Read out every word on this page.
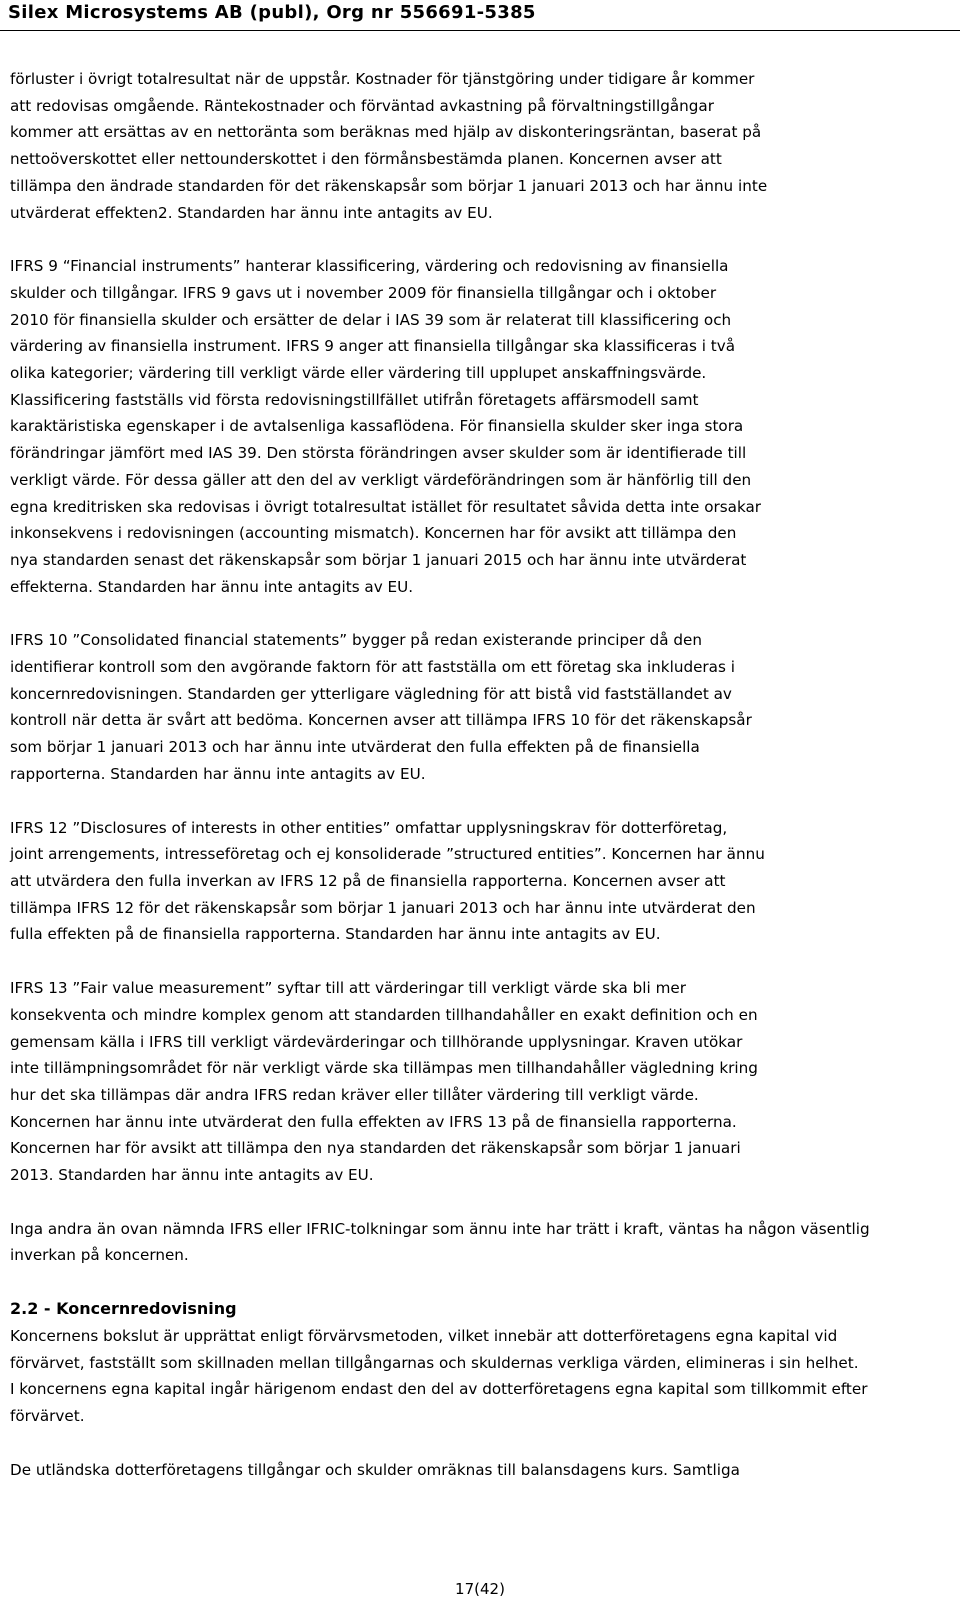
Silex Microsystems AB (publ), Org nr 556691-5385

förluster i övrigt totalresultat när de uppstår. Kostnader för tjänstgöring under tidigare år kommer
att redovisas omgående. Räntekostnader och förväntad avkastning på förvaltningstillgångar
kommer att ersättas av en nettoränta som beräknas med hjälp av diskonteringsräntan, baserat på
nettoöverskottet eller nettounderskottet i den förmånsbestämda planen. Koncernen avser att
tillämpa den ändrade standarden för det räkenskapsår som börjar 1 januari 2013 och har ännu inte
utvärderat effekten2. Standarden har ännu inte antagits av EU.

IFRS 9 “Financial instruments” hanterar klassificering, värdering och redovisning av finansiella
skulder och tillgångar. IFRS 9 gavs ut i november 2009 för finansiella tillgångar och i oktober
2010 för finansiella skulder och ersätter de delar i IAS 39 som är relaterat till klassificering och
värdering av finansiella instrument. IFRS 9 anger att finansiella tillgångar ska klassificeras i två
olika kategorier; värdering till verkligt värde eller värdering till upplupet anskaffningsvärde.
Klassificering fastställs vid första redovisningstillfället utifrån företagets affärsmodell samt
karaktäristiska egenskaper i de avtalsenliga kassaflödena. För finansiella skulder sker inga stora
förändringar jämfört med IAS 39. Den största förändringen avser skulder som är identifierade till
verkligt värde. För dessa gäller att den del av verkligt värdeförändringen som är hänförlig till den
egna kreditrisken ska redovisas i övrigt totalresultat istället för resultatet såvida detta inte orsakar
inkonsekvens i redovisningen (accounting mismatch). Koncernen har för avsikt att tillämpa den
nya standarden senast det räkenskapsår som börjar 1 januari 2015 och har ännu inte utvärderat
effekterna. Standarden har ännu inte antagits av EU.

IFRS 10 ”Consolidated financial statements” bygger på redan existerande principer då den
identifierar kontroll som den avgörande faktorn för att fastställa om ett företag ska inkluderas i
koncernredovisningen. Standarden ger ytterligare vägledning för att bistå vid fastställandet av
kontroll när detta är svårt att bedöma. Koncernen avser att tillämpa IFRS 10 för det räkenskapsår
som börjar 1 januari 2013 och har ännu inte utvärderat den fulla effekten på de finansiella
rapporterna. Standarden har ännu inte antagits av EU.

IFRS 12 ”Disclosures of interests in other entities” omfattar upplysningskrav för dotterföretag,
joint arrengements, intresseföretag och ej konsoliderade ”structured entities”. Koncernen har ännu
att utvärdera den fulla inverkan av IFRS 12 på de finansiella rapporterna. Koncernen avser att
tillämpa IFRS 12 för det räkenskapsår som börjar 1 januari 2013 och har ännu inte utvärderat den
fulla effekten på de finansiella rapporterna. Standarden har ännu inte antagits av EU.

IFRS 13 ”Fair value measurement” syftar till att värderingar till verkligt värde ska bli mer
konsekventa och mindre komplex genom att standarden tillhandahåller en exakt definition och en
gemensam källa i IFRS till verkligt värdevärderingar och tillhörande upplysningar. Kraven utökar
inte tillämpningsområdet för när verkligt värde ska tillämpas men tillhandahåller vägledning kring
hur det ska tillämpas där andra IFRS redan kräver eller tillåter värdering till verkligt värde.
Koncernen har ännu inte utvärderat den fulla effekten av IFRS 13 på de finansiella rapporterna.
Koncernen har för avsikt att tillämpa den nya standarden det räkenskapsår som börjar 1 januari
2013. Standarden har ännu inte antagits av EU.

Inga andra än ovan nämnda IFRS eller IFRIC-tolkningar som ännu inte har trätt i kraft, väntas ha någon väsentlig
inverkan på koncernen.

2.2 - Koncernredovisning

Koncernens bokslut är upprättat enligt förvärvsmetoden, vilket innebär att dotterföretagens egna kapital vid
förvärvet, fastställt som skillnaden mellan tillgångarnas och skuldernas verkliga värden, elimineras i sin helhet.
I koncernens egna kapital ingår härigenom endast den del av dotterföretagens egna kapital som tillkommit efter
förvärvet.

De utländska dotterföretagens tillgångar och skulder omräknas till balansdagens kurs. Samtliga

17(42)
